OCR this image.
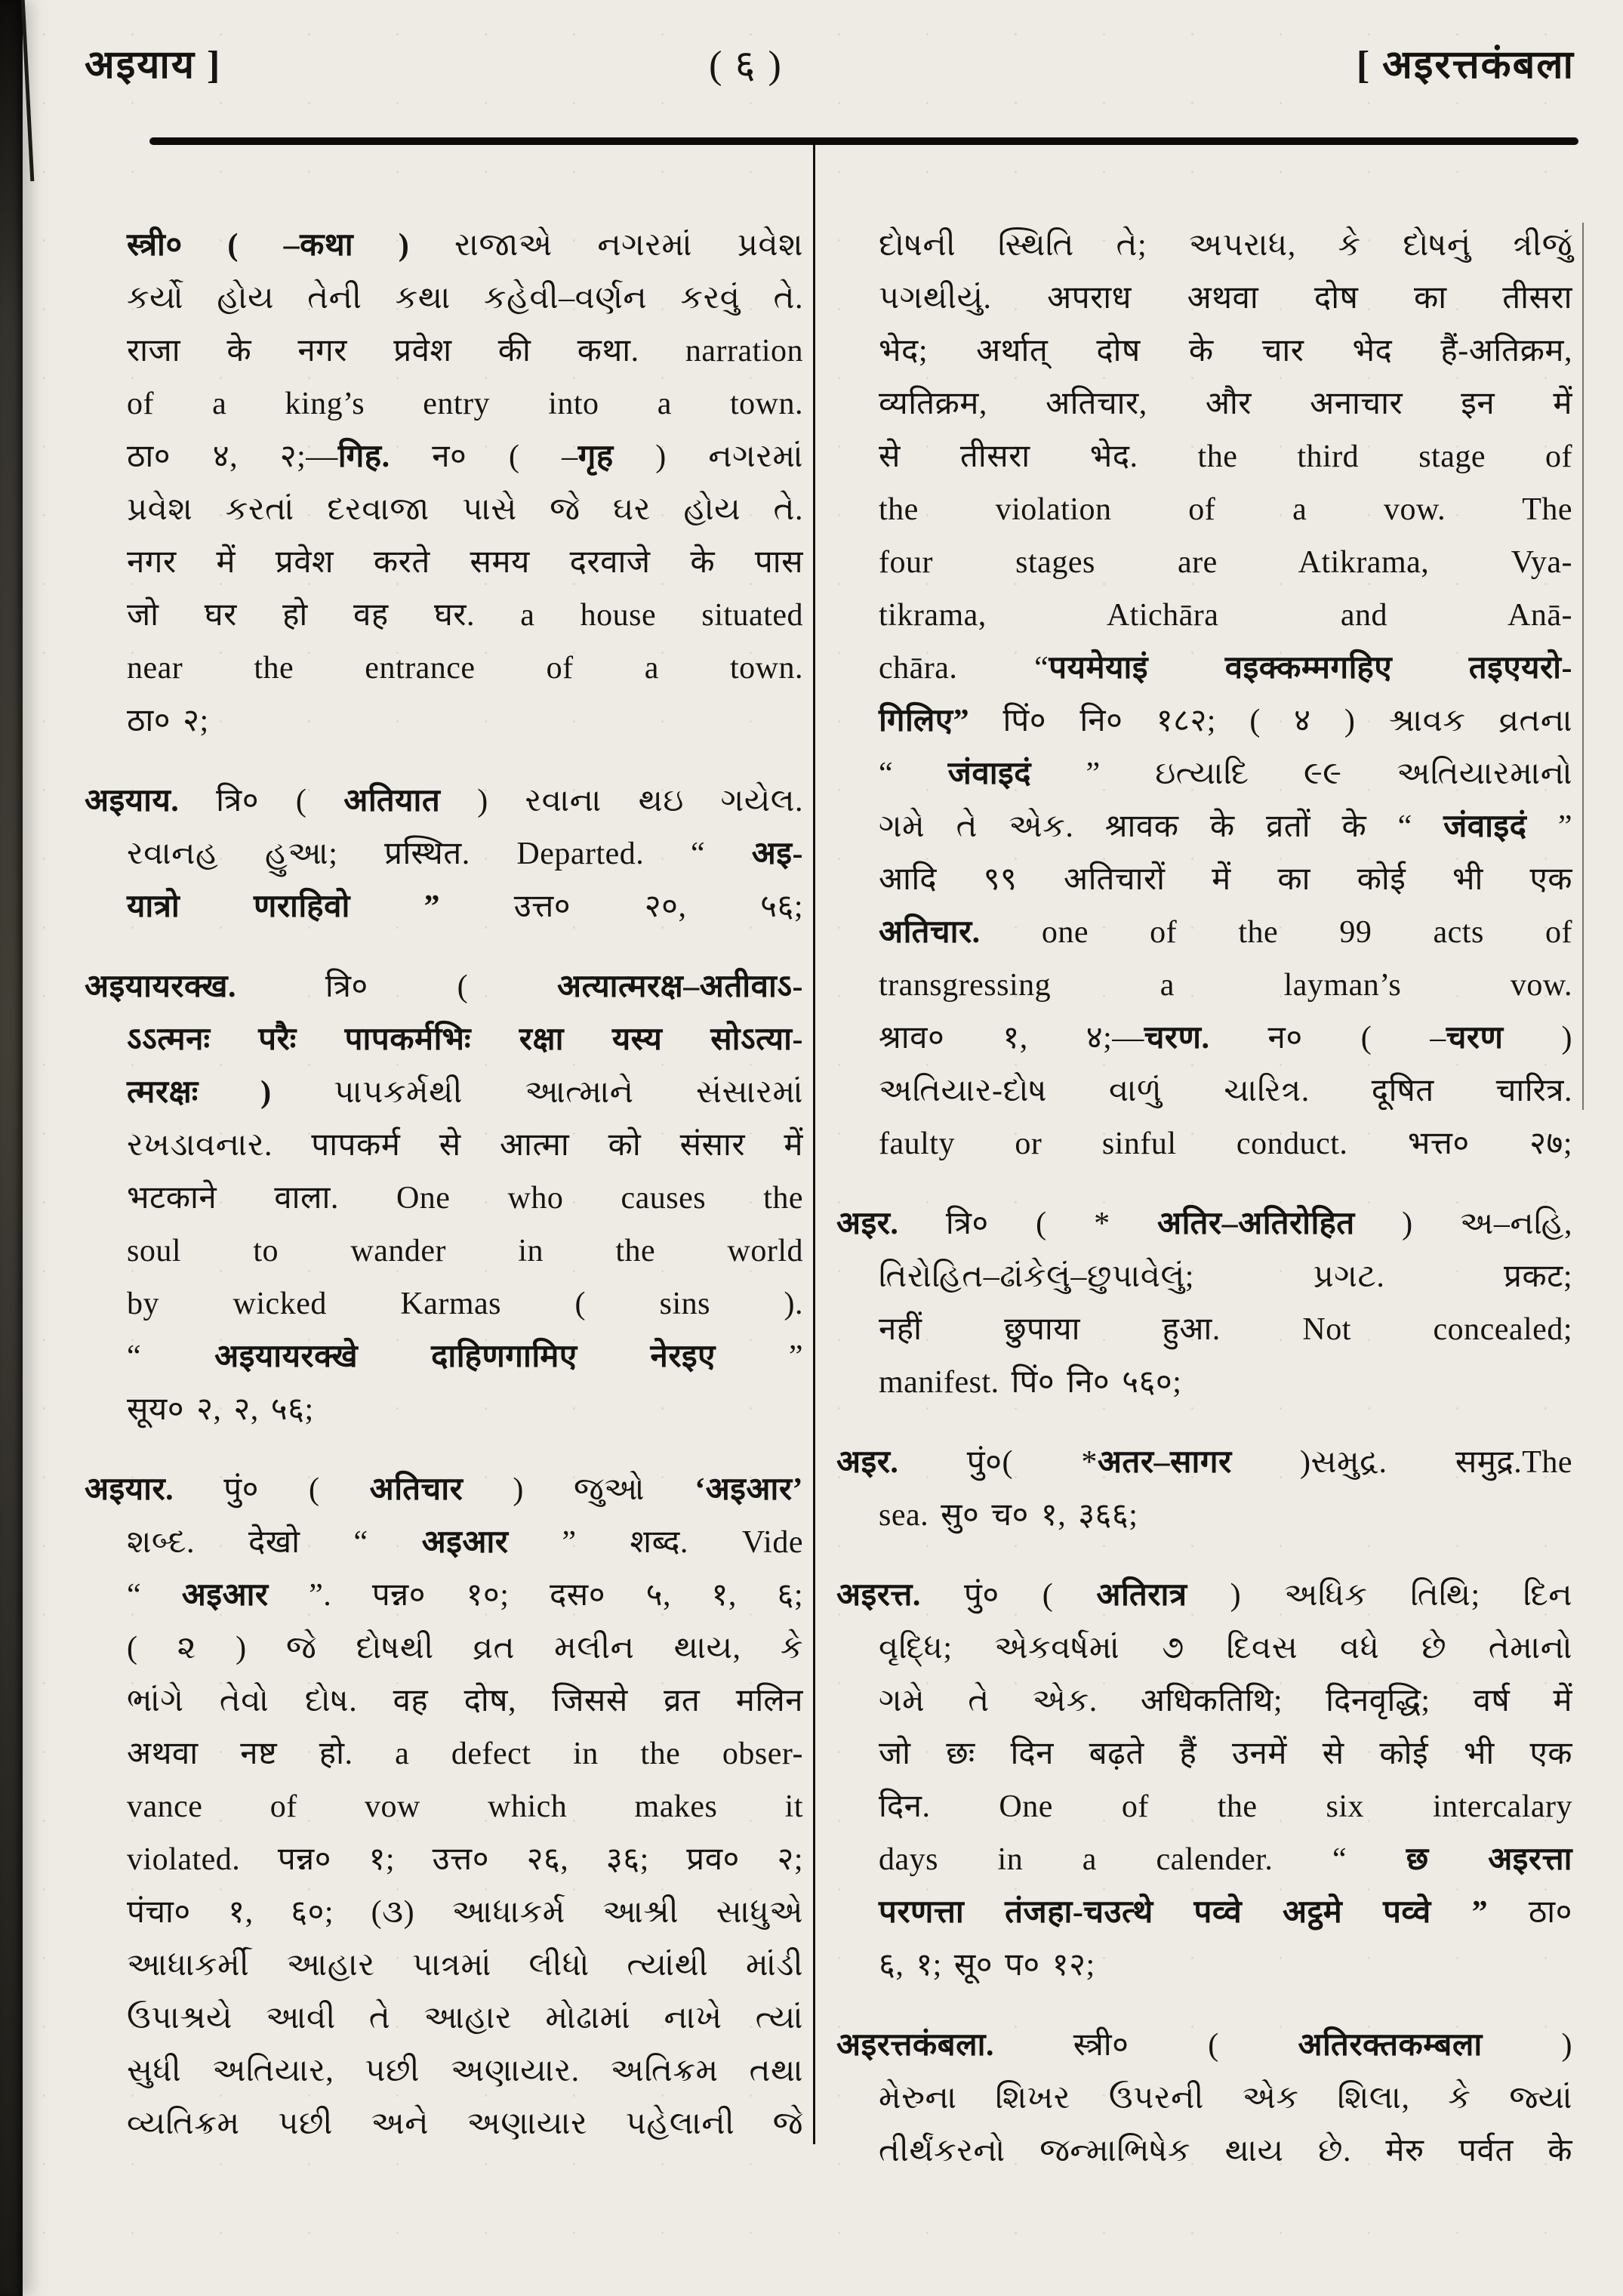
अइयाय ]	( ६ )	[ अइरत्तकंबला
स्त्री० ( –कथा ) રાજાએ નગરમાં પ્રવેશ
કર્યો હોય તેની કથા કહેવી–વર્ણન કરવું તે.
राजा के नगर प्रवेश की कथा. narration
of a king’s entry into a town.
ठा० ४, २;—गिह. न० ( –गृह ) નગરમાં
પ્રવેશ કરતાં દરવાજા પાસે જે ઘર હોય તે.
नगर में प्रवेश करते समय दरवाजे के पास
जो घर हो वह घर. a house situated
near the entrance of a town.
ठा० २;
अइयाय. त्रि० ( अतियात ) રવાના થઇ ગયેલ.
રવાનહ હુઆ; प्रस्थित. Departed. “ अइ-
यात्रो णराहिवो ” उत्त० २०, ५६;
अइयायरक्ख. त्रि० ( अत्यात्मरक्ष–अतीवाऽ-
ऽऽत्मनः परैः पापकर्मभिः रक्षा यस्य सोऽत्या-
त्मरक्षः ) પાપકર્મથી આત્માને સંસારમાં
રખડાવનાર. पापकर्म से आत्मा को संसार में
भटकाने वाला. One who causes the
soul to wander in the world
by wicked Karmas ( sins ).
“ अइयायरक्खे दाहिणगामिए नेरइए ”
सूय० २, २, ५६;
अइयार. पुं० ( अतिचार ) જુઓ ‘अइआर’
શબ્દ. देखो “ अइआर ” शब्द. Vide
“ अइआर ”. पन्न० १०; दस० ५, १, ६;
( ૨ ) જે દોષથી વ્રત મલીન થાય, કે
ભાંગે તેવો દોષ. वह दोष, जिससे व्रत मलिन
अथवा नष्ट हो. a defect in the obser-
vance of vow which makes it
violated. पन्न० १; उत्त० २६, ३६; प्रव० २;
पंचा० १, ६०; (૩) આધાકર્મ આશ્રી સાધુએ
આધાકર્મી આહાર પાત્રમાં લીધો ત્યાંથી માંડી
ઉપાશ્રયે આવી તે આહાર મોઢામાં નાખે ત્યાં
સુધી અતિયાર, પછી અણાયાર. અતિક્રમ તથા
વ્યતિક્રમ પછી અને અણાયાર પહેલાની જે
દોષની સ્થિતિ તે; અપરાધ, કે દોષનું ત્રીજું
પગથીયું. अपराध अथवा दोष का तीसरा
भेद; अर्थात् दोष के चार भेद हैं-अतिक्रम,
व्यतिक्रम, अतिचार, और अनाचार इन में
से तीसरा भेद. the third stage of
the violation of a vow. The
four stages are Atikrama, Vya-
tikrama, Atichāra and Anā-
chāra. “पयमेयाइं वइक्कम्मगहिए तइएयरो-
गिलिए” पिं० नि० १८२; ( ४ ) શ્રાવક વ્રતના
“ जंवाइदं ” ઇત્યાદિ ૯૯ અતિયારમાનો
ગમે તે એક. श्रावक के व्रतों के “ जंवाइदं ”
आदि ९९ अतिचारों में का कोई भी एक
अतिचार. one of the 99 acts of
transgressing a layman’s vow.
श्राव० १, ४;—चरण. न० ( –चरण )
અતિયાર-દોષ વાળું ચારિત્ર. दूषित चारित्र.
faulty or sinful conduct. भत्त० २७;
अइर. त्रि० ( * अतिर–अतिरोहित ) અ–નહિ,
તિરોહિત–ઢાંકેલું–છુપાવેલું; પ્રગટ. प्रकट;
नहीं छुपाया हुआ. Not concealed;
manifest. पिं० नि० ५६०;
अइर. पुं०( *अतर–सागर )સમુદ્ર. समुद्र.The
sea. सु० च० १, ३६६;
अइरत्त. पुं० ( अतिरात्र ) અધિક તિથિ; દિન
વૃદ્ધિ; એકવર્ષમાં ૭ દિવસ વધે છે તેમાનો
ગમે તે એક. अधिकतिथि; दिनवृद्धि; वर्ष में
जो छः दिन बढ़ते हैं उनमें से कोई भी एक
दिन. One of the six intercalary
days in a calender. “ छ अइरत्ता
परणत्ता तंजहा-चउत्थे पव्वे अट्ठमे पव्वे ” ठा०
६, १; सू० प० १२;
अइरत्तकंबला. स्त्री० ( अतिरक्तकम्बला )
મેરુના શિખર ઉપરની એક શિલા, કે જ્યાં
તીર્થંકરનો જન્માભિષેક થાય છે. मेरु पर्वत के
